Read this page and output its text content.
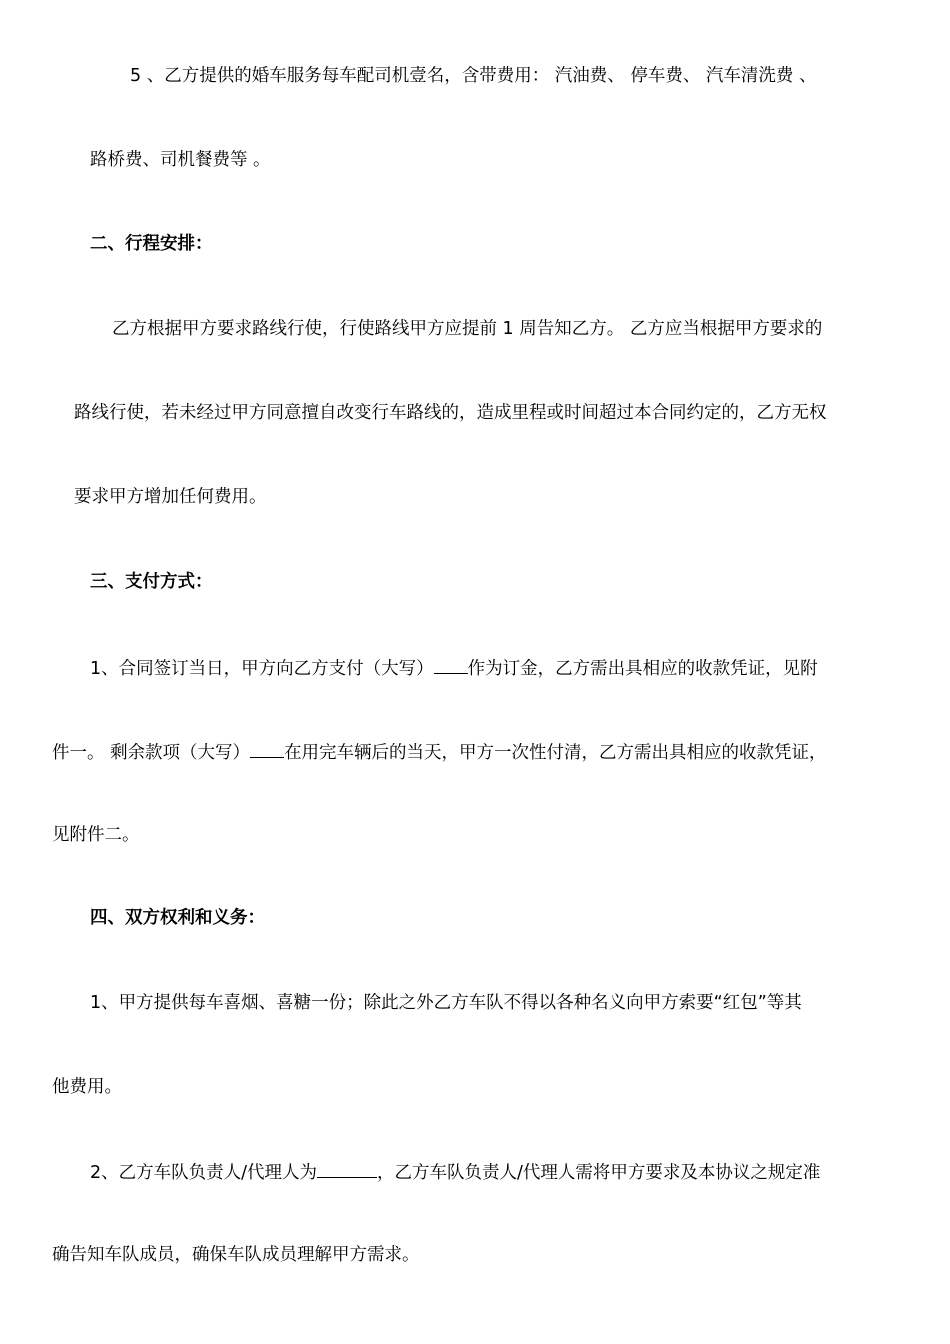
5 、乙方提供的婚车服务每车配司机壹名，含带费用： 汽油费、 停车费、 汽车清洗费 、
路桥费、司机餐费等 。
二、行程安排：
乙方根据甲方要求路线行使，行使路线甲方应提前 1 周告知乙方。 乙方应当根据甲方要求的
路线行使，若未经过甲方同意擅自改变行车路线的，造成里程或时间超过本合同约定的，乙方无权
要求甲方增加任何费用。
三、支付方式：
1、合同签订当日，甲方向乙方支付（大写） 作为订金，乙方需出具相应的收款凭证，见附
件一。 剩余款项（大写） 在用完车辆后的当天，甲方一次性付清，乙方需出具相应的收款凭证，
见附件二。
四、双方权利和义务：
1、甲方提供每车喜烟、喜糖一份；除此之外乙方车队不得以各种名义向甲方索要“红包”等其
他费用。
2、乙方车队负责人/代理人为	，乙方车队负责人/代理人需将甲方要求及本协议之规定准
确告知车队成员，确保车队成员理解甲方需求。
